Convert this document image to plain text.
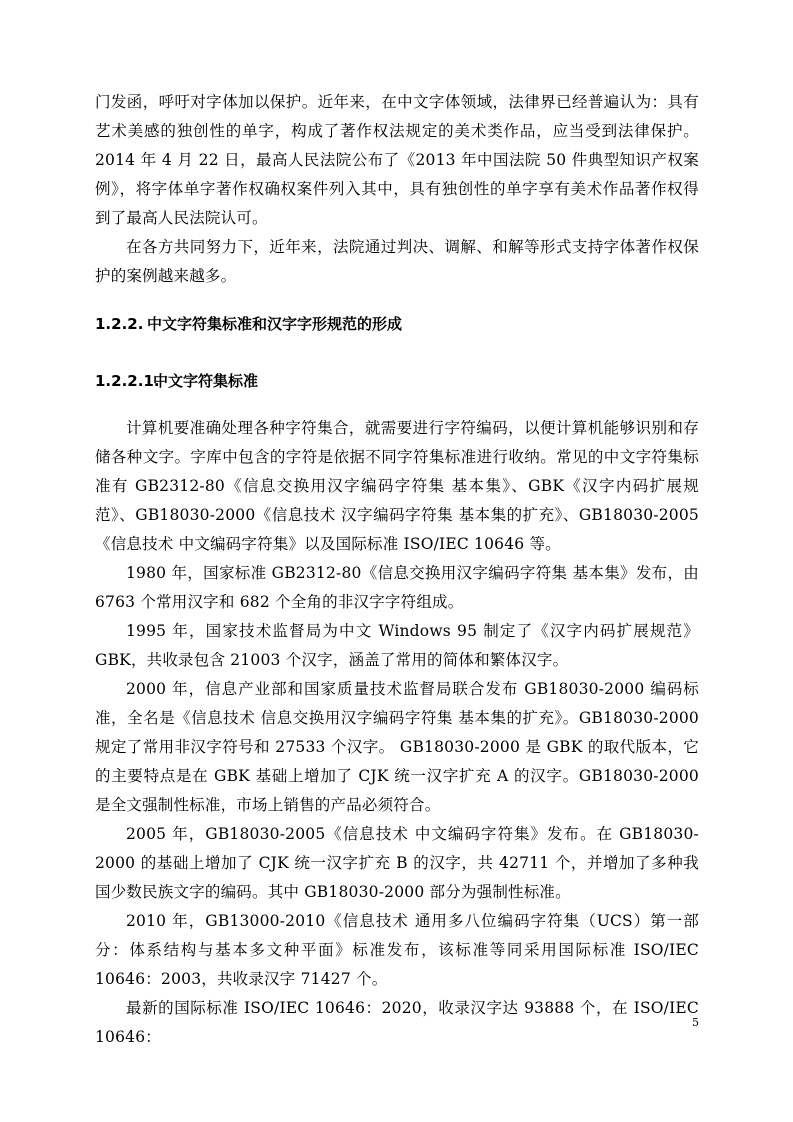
门发函，呼吁对字体加以保护。近年来，在中文字体领域，法律界已经普遍认为：具有艺术美感的独创性的单字，构成了著作权法规定的美术类作品，应当受到法律保护。2014 年 4 月 22 日，最高人民法院公布了《2013 年中国法院 50 件典型知识产权案例》，将字体单字著作权确权案件列入其中，具有独创性的单字享有美术作品著作权得到了最高人民法院认可。

在各方共同努力下，近年来，法院通过判决、调解、和解等形式支持字体著作权保护的案例越来越多。

1.2.2. 中文字符集标准和汉字字形规范的形成
1.2.2.1.中文字符集标准

计算机要准确处理各种字符集合，就需要进行字符编码，以便计算机能够识别和存储各种文字。字库中包含的字符是依据不同字符集标准进行收纳。常见的中文字符集标准有 GB2312-80《信息交换用汉字编码字符集 基本集》、GBK《汉字内码扩展规范》、GB18030-2000《信息技术 汉字编码字符集 基本集的扩充》、GB18030-2005《信息技术 中文编码字符集》以及国际标准 ISO/IEC 10646 等。

1980 年，国家标准 GB2312-80《信息交换用汉字编码字符集 基本集》发布，由 6763 个常用汉字和 682 个全角的非汉字字符组成。

1995 年，国家技术监督局为中文 Windows 95 制定了《汉字内码扩展规范》GBK，共收录包含 21003 个汉字，涵盖了常用的简体和繁体汉字。

2000 年，信息产业部和国家质量技术监督局联合发布 GB18030-2000 编码标准，全名是《信息技术 信息交换用汉字编码字符集 基本集的扩充》。GB18030-2000 规定了常用非汉字符号和 27533 个汉字。 GB18030-2000 是 GBK 的取代版本，它的主要特点是在 GBK 基础上增加了 CJK 统一汉字扩充 A 的汉字。GB18030-2000 是全文强制性标准，市场上销售的产品必须符合。

2005 年，GB18030-2005《信息技术 中文编码字符集》发布。在 GB18030-2000 的基础上增加了 CJK 统一汉字扩充 B 的汉字，共 42711 个，并增加了多种我国少数民族文字的编码。其中 GB18030-2000 部分为强制性标准。

2010 年，GB13000-2010《信息技术 通用多八位编码字符集（UCS）第一部分：体系结构与基本多文种平面》标准发布，该标准等同采用国际标准 ISO/IEC 10646：2003，共收录汉字 71427 个。

最新的国际标准 ISO/IEC 10646：2020，收录汉字达 93888 个，在 ISO/IEC 10646：

5
